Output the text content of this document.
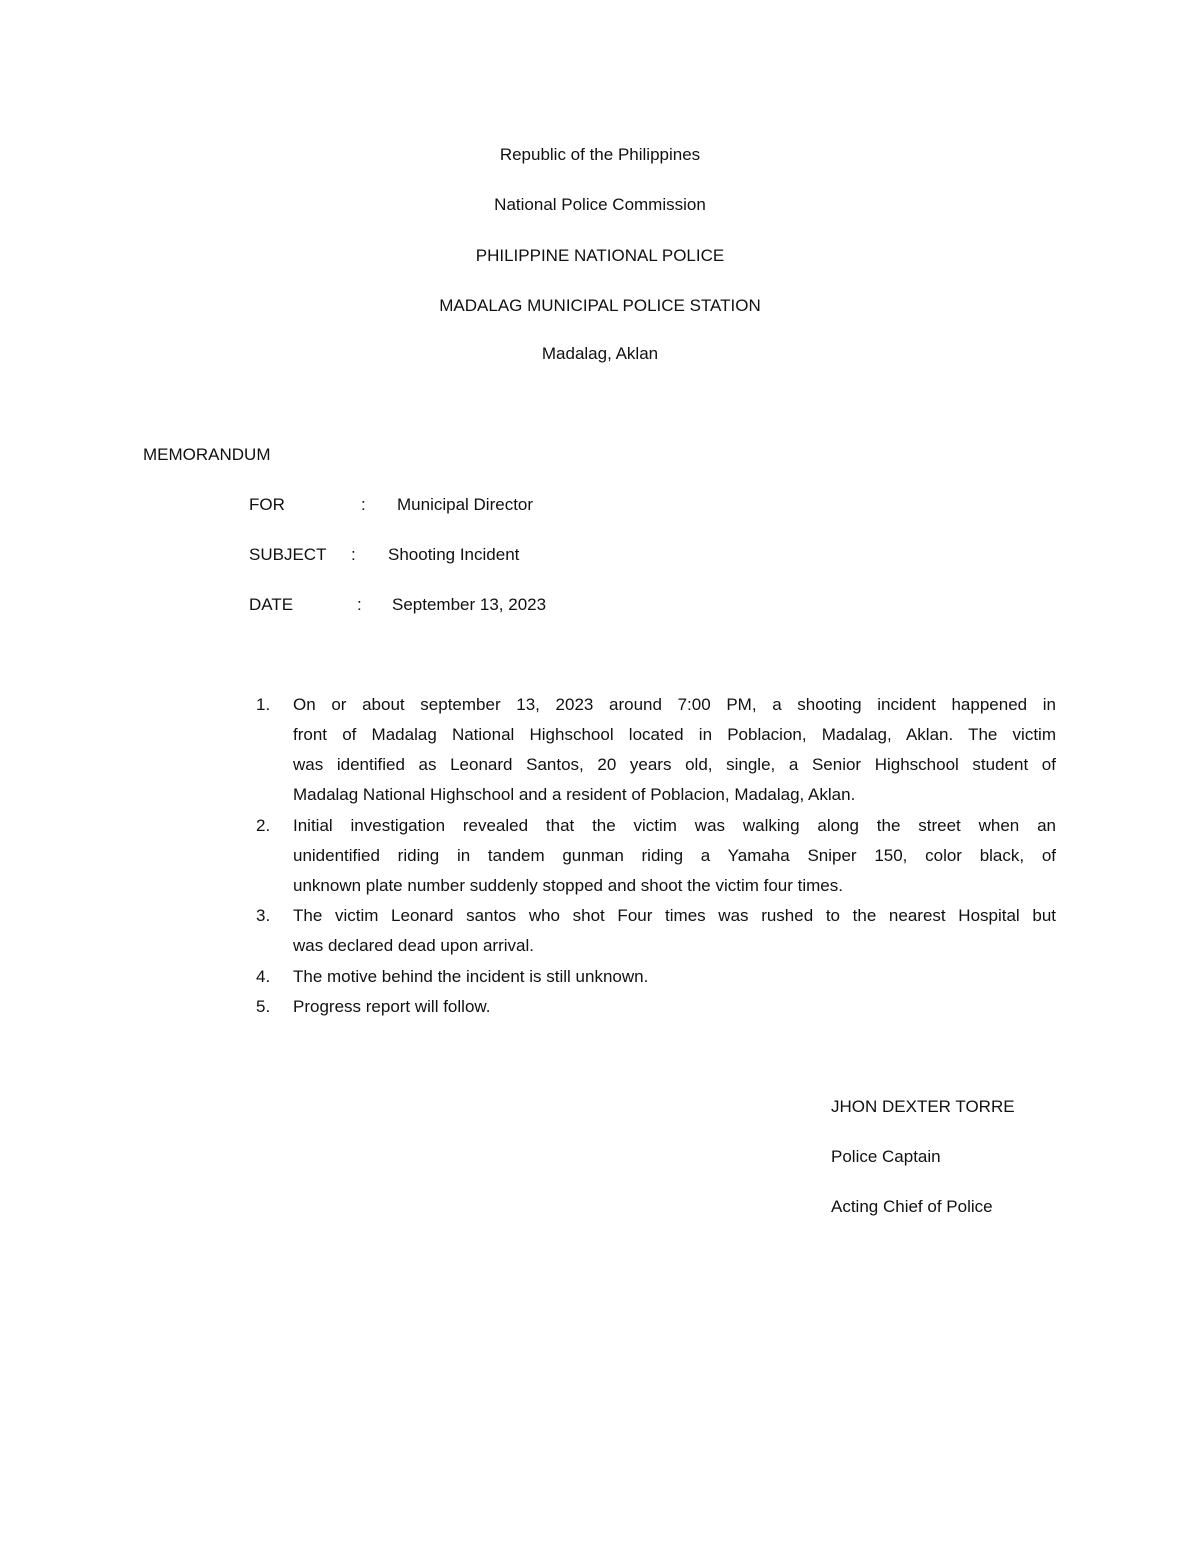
Republic of the Philippines
National Police Commission
PHILIPPINE NATIONAL POLICE
MADALAG MUNICIPAL POLICE STATION
Madalag, Aklan
MEMORANDUM
FOR	: Municipal Director
SUBJECT : Shooting Incident
DATE	: September 13, 2023
1. On or about september 13, 2023 around 7:00 PM, a shooting incident happened in
front of Madalag National Highschool located in Poblacion, Madalag, Aklan. The victim
was identified as Leonard Santos, 20 years old, single, a Senior Highschool student of
Madalag National Highschool and a resident of Poblacion, Madalag, Aklan.
2. Initial investigation revealed that the victim was walking along the street when an
unidentified riding in tandem gunman riding a Yamaha Sniper 150, color black, of
unknown plate number suddenly stopped and shoot the victim four times.
3. The victim Leonard santos who shot Four times was rushed to the nearest Hospital but
was declared dead upon arrival.
4. The motive behind the incident is still unknown.
5. Progress report will follow.
JHON DEXTER TORRE
Police Captain
Acting Chief of Police
